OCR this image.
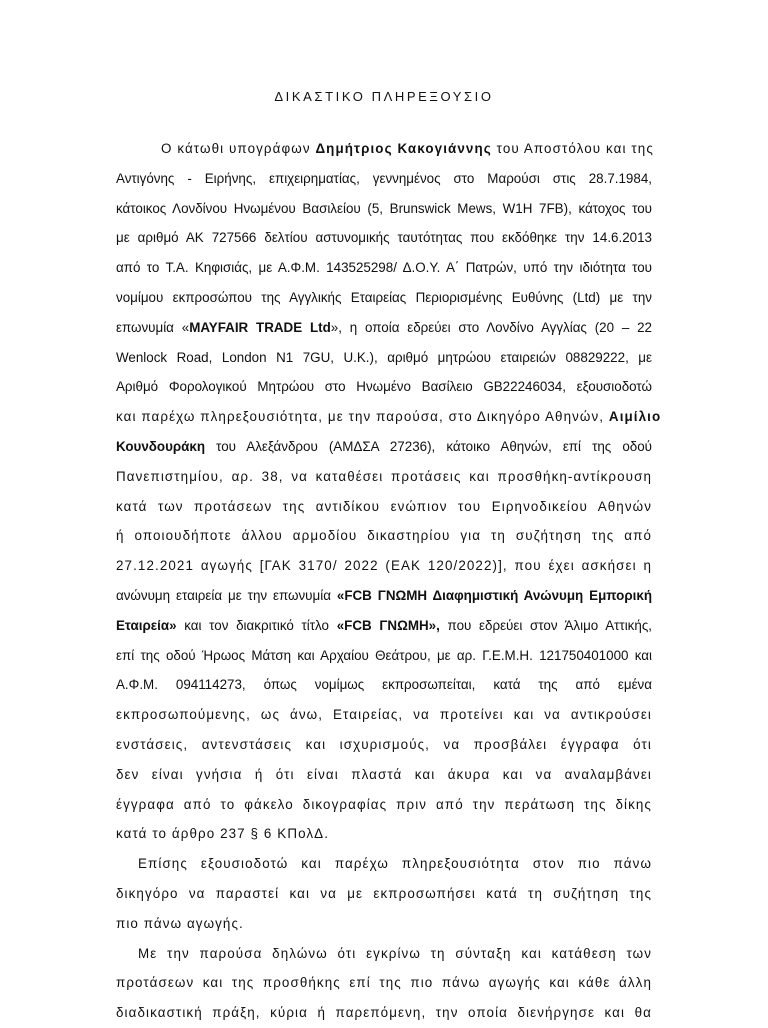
ΔΙΚΑΣΤΙΚΟ ΠΛΗΡΕΞΟΥΣΙΟ
Ο κάτωθι υπογράφων Δημήτριος Κακογιάννης του Αποστόλου και της
Αντιγόνης - Ειρήνης, επιχειρηματίας, γεννημένος στο Μαρούσι στις 28.7.1984,
κάτοικος Λονδίνου Ηνωμένου Βασιλείου (5, Brunswick Mews, W1H 7FB), κάτοχος του
με αριθμό ΑΚ 727566 δελτίου αστυνομικής ταυτότητας που εκδόθηκε την 14.6.2013
από το Τ.Α. Κηφισιάς, με Α.Φ.Μ. 143525298/ Δ.Ο.Υ. Α΄ Πατρών, υπό την ιδιότητα του
νομίμου εκπροσώπου της Αγγλικής Εταιρείας Περιορισμένης Ευθύνης (Ltd) με την
επωνυμία «MAYFAIR TRADE Ltd», η οποία εδρεύει στο Λονδίνο Αγγλίας (20 – 22
Wenlock Road, London N1 7GU, U.K.), αριθμό μητρώου εταιρειών 08829222, με
Αριθμό Φορολογικού Μητρώου στο Ηνωμένο Βασίλειο GB22246034, εξουσιοδοτώ
και παρέχω πληρεξουσιότητα, με την παρούσα, στο Δικηγόρο Αθηνών, Αιμίλιο
Κουνδουράκη του Αλεξάνδρου (ΑΜΔΣΑ 27236), κάτοικο Αθηνών, επί της οδού
Πανεπιστημίου, αρ. 38, να καταθέσει προτάσεις και προσθήκη-αντίκρουση
κατά των προτάσεων της αντιδίκου ενώπιον του Ειρηνοδικείου Αθηνών
ή οποιουδήποτε άλλου αρμοδίου δικαστηρίου για τη συζήτηση της από
27.12.2021 αγωγής [ΓΑΚ 3170/ 2022 (ΕΑΚ 120/2022)], που έχει ασκήσει η
ανώνυμη εταιρεία με την επωνυμία «FCB ΓΝΩΜΗ Διαφημιστική Ανώνυμη Εμπορική
Εταιρεία» και τον διακριτικό τίτλο «FCB ΓΝΩΜΗ», που εδρεύει στον Άλιμο Αττικής,
επί της οδού Ήρωος Μάτση και Αρχαίου Θεάτρου, με αρ. Γ.Ε.Μ.Η. 121750401000 και
Α.Φ.Μ. 094114273, όπως νομίμως εκπροσωπείται, κατά της από εμένα
εκπροσωπούμενης, ως άνω, Εταιρείας, να προτείνει και να αντικρούσει
ενστάσεις, αντενστάσεις και ισχυρισμούς, να προσβάλει έγγραφα ότι
δεν είναι γνήσια ή ότι είναι πλαστά και άκυρα και να αναλαμβάνει
έγγραφα από το φάκελο δικογραφίας πριν από την περάτωση της δίκης
κατά το άρθρο 237 § 6 ΚΠολΔ.
Επίσης εξουσιοδοτώ και παρέχω πληρεξουσιότητα στον πιο πάνω
δικηγόρο να παραστεί και να με εκπροσωπήσει κατά τη συζήτηση της
πιο πάνω αγωγής.
Με την παρούσα δηλώνω ότι εγκρίνω τη σύνταξη και κατάθεση των
προτάσεων και της προσθήκης επί της πιο πάνω αγωγής και κάθε άλλη
διαδικαστική πράξη, κύρια ή παρεπόμενη, την οποία διενήργησε και θα
